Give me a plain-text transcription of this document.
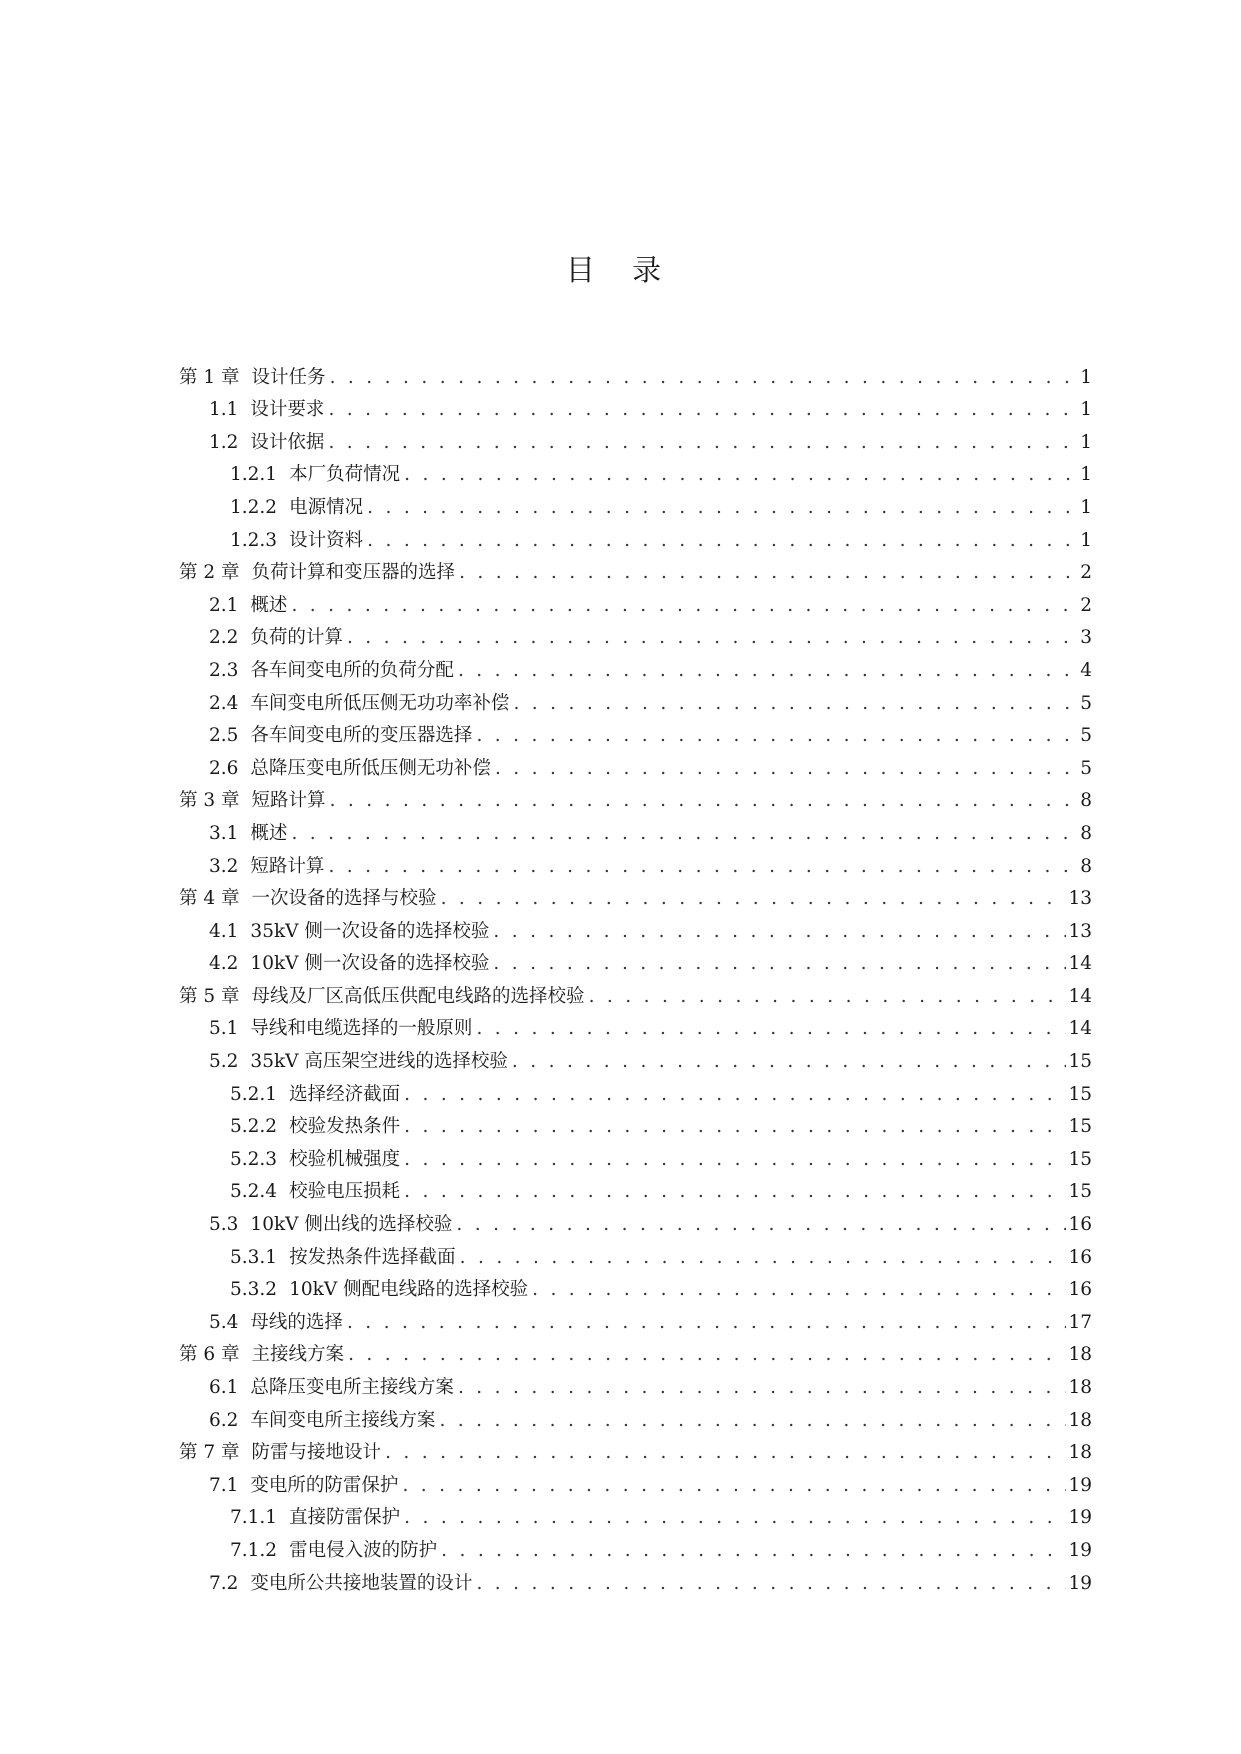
目 录
第 1 章 设计任务 . . .	1
1.1 设计要求 . . .	1
1.2 设计依据 . . .	1
1.2.1 本厂负荷情况 . . .	1
1.2.2 电源情况 . . .	1
1.2.3 设计资料 . . .	1
第 2 章 负荷计算和变压器的选择 . . .	2
2.1 概述 . . .	2
2.2 负荷的计算 . . .	3
2.3 各车间变电所的负荷分配 . . .	4
2.4 车间变电所低压侧无功功率补偿 . . .	5
2.5 各车间变电所的变压器选择 . . .	5
2.6 总降压变电所低压侧无功补偿 . . .	5
第 3 章 短路计算 . . .	8
3.1 概述 . . .	8
3.2 短路计算 . . .	8
第 4 章 一次设备的选择与校验 . . .	13
4.1 35kV 侧一次设备的选择校验 . . .	13
4.2 10kV 侧一次设备的选择校验 . . .	14
第 5 章 母线及厂区高低压供配电线路的选择校验 . . .	14
5.1 导线和电缆选择的一般原则 . . .	14
5.2 35kV 高压架空进线的选择校验 . . .	15
5.2.1 选择经济截面 . . .	15
5.2.2 校验发热条件 . . .	15
5.2.3 校验机械强度 . . .	15
5.2.4 校验电压损耗 . . .	15
5.3 10kV 侧出线的选择校验 . . .	16
5.3.1 按发热条件选择截面 . . .	16
5.3.2 10kV 侧配电线路的选择校验 . . .	16
5.4 母线的选择 . . .	17
第 6 章 主接线方案 . . .	18
6.1 总降压变电所主接线方案 . . .	18
6.2 车间变电所主接线方案 . . .	18
第 7 章 防雷与接地设计 . . .	18
7.1 变电所的防雷保护 . . .	19
7.1.1 直接防雷保护 . . .	19
7.1.2 雷电侵入波的防护 . . .	19
7.2 变电所公共接地装置的设计 . . .	19
